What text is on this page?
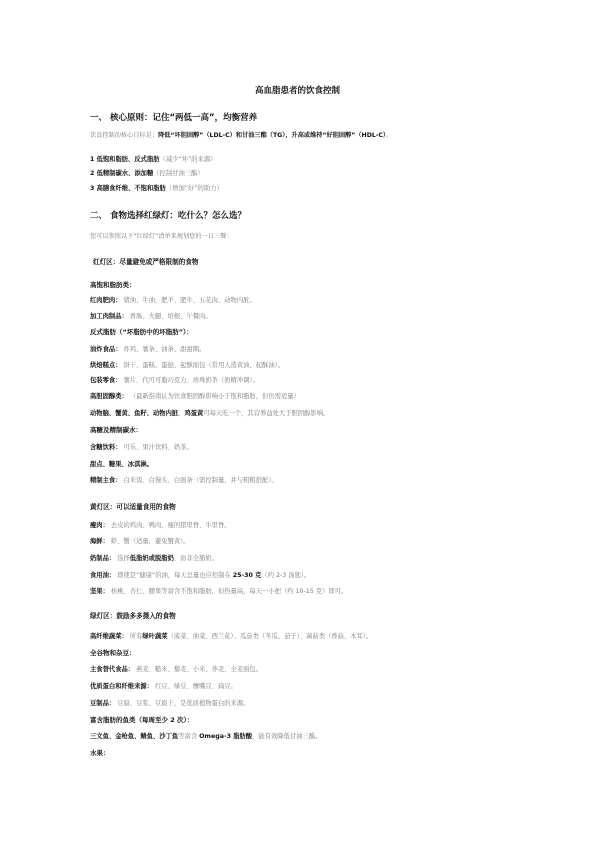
高血脂患者的饮食控制
一、 核心原则：记住“两低一高”，均衡营养
饮食控制的核心目标是：降低“坏胆固醇”（LDL-C）和甘油三酯（TG），升高或维持“好胆固醇”（HDL-C）。
1 低饱和脂肪、反式脂肪（减少“坏”的来源）
2 低精制碳水、添加糖（控制甘油三酯）
3 高膳食纤维、不饱和脂肪（增加“好”的助力）
二、 食物选择红绿灯：吃什么？怎么选？
您可以参照以下“红绿灯”清单来规划您的一日三餐：
红灯区：尽量避免或严格限制的食物
高饱和脂肪类：
红肉肥肉： 猪油、牛油、肥羊、肥牛、五花肉、动物内脏。
加工肉制品： 香肠、火腿、培根、午餐肉。
反式脂肪（“坏脂肪中的坏脂肪”）：
油炸食品： 炸鸡、薯条、油条、甜甜圈。
烘焙糕点： 饼干、蛋糕、蛋挞、起酥面包（常用人造黄油、起酥油）。
包装零食： 薯片、代可可脂巧克力、珍珠奶茶（奶精冲调）。
高胆固醇类： （最新指南认为饮食胆固醇影响小于饱和脂肪，但仍需适量）
动物脑、蟹黄、鱼籽、动物内脏。鸡蛋黄可每天吃一个，其营养益处大于胆固醇影响。
高糖及精制碳水：
含糖饮料： 可乐、果汁饮料、奶茶。
甜点、糖果、冰淇淋。
精制主食： 白米饭、白馒头、白面条（需控制量，并与粗粮搭配）。
黄灯区：可以适量食用的食物
瘦肉： 去皮的鸡肉、鸭肉，瘦的猪里脊、牛里脊。
海鲜： 虾、蟹（适量，避免蟹黄）。
奶制品： 选择低脂奶或脱脂奶，而非全脂奶。
食用油： 即使是“健康”的油，每天总量也应控制在 25-30 克（约 2-3 汤匙）。
坚果： 核桃、杏仁、腰果等富含不饱和脂肪，但热量高，每天一小把（约 10-15 克）即可。
绿灯区：鼓励多多摄入的食物
高纤维蔬菜： 所有绿叶蔬菜（菠菜、油菜、西兰花）、瓜茄类（冬瓜、茄子）、菌菇类（香菇、木耳）。
全谷物和杂豆：
主食替代食品： 燕麦、糙米、藜麦、小米、荞麦、全麦面包。
优质蛋白和纤维来源： 红豆、绿豆、鹰嘴豆、扁豆。
豆制品： 豆腐、豆浆、豆腐干，是优质植物蛋白的来源。
富含脂肪的鱼类（每周至少 2 次）：
三文鱼、金枪鱼、鲭鱼、沙丁鱼等富含 Omega-3 脂肪酸，能有效降低甘油三酯。
水果：
